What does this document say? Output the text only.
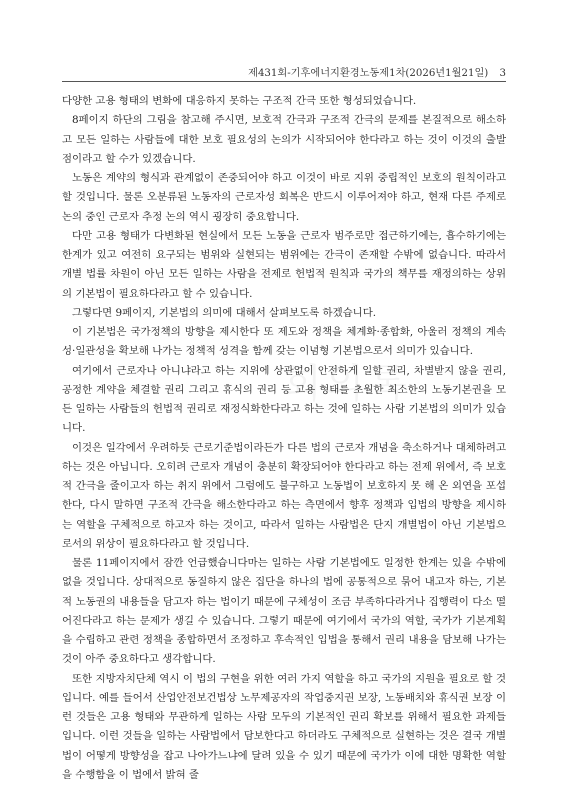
제431회-기후에너지환경노동제1차(2026년1월21일) 3

다양한 고용 형태의 변화에 대응하지 못하는 구조적 간극 또한 형성되었습니다.

8페이지 하단의 그림을 참고해 주시면, 보호적 간극과 구조적 간극의 문제를 본질적으로 해소하고 모든 일하는 사람들에 대한 보호 필요성의 논의가 시작되어야 한다라고 하는 것이 이것의 출발점이라고 할 수가 있겠습니다.

노동은 계약의 형식과 관계없이 존중되어야 하고 이것이 바로 지위 중립적인 보호의 원칙이라고 할 것입니다. 물론 오분류된 노동자의 근로자성 회복은 반드시 이루어져야 하고, 현재 다른 주제로 논의 중인 근로자 추정 논의 역시 굉장히 중요합니다.

다만 고용 형태가 다변화된 현실에서 모든 노동을 근로자 범주로만 접근하기에는, 흡수하기에는 한계가 있고 여전히 요구되는 범위와 실현되는 범위에는 간극이 존재할 수밖에 없습니다. 따라서 개별 법률 차원이 아닌 모든 일하는 사람을 전제로 헌법적 원칙과 국가의 책무를 재정의하는 상위의 기본법이 필요하다라고 할 수 있습니다.

그렇다면 9페이지, 기본법의 의미에 대해서 살펴보도록 하겠습니다.

이 기본법은 국가정책의 방향을 제시한다 또 제도와 정책을 체계화·종합화, 아울러 정책의 계속성·일관성을 확보해 나가는 정책적 성격을 함께 갖는 이념형 기본법으로서 의미가 있습니다.

여기에서 근로자나 아니냐라고 하는 지위에 상관없이 안전하게 일할 권리, 차별받지 않을 권리, 공정한 계약을 체결할 권리 그리고 휴식의 권리 등 고용 형태를 초월한 최소한의 노동기본권을 모든 일하는 사람들의 헌법적 권리로 재정식화한다라고 하는 것에 일하는 사람 기본법의 의미가 있습니다.

이것은 일각에서 우려하듯 근로기준법이라든가 다른 법의 근로자 개념을 축소하거나 대체하려고 하는 것은 아닙니다. 오히려 근로자 개념이 충분히 확장되어야 한다라고 하는 전제 위에서, 즉 보호적 간극을 줄이고자 하는 취지 위에서 그럼에도 불구하고 노동법이 보호하지 못 해 온 외연을 포섭한다, 다시 말하면 구조적 간극을 해소한다라고 하는 측면에서 향후 정책과 입법의 방향을 제시하는 역할을 구체적으로 하고자 하는 것이고, 따라서 일하는 사람법은 단지 개별법이 아닌 기본법으로서의 위상이 필요하다라고 할 것입니다.

물론 11페이지에서 잠깐 언급했습니다마는 일하는 사람 기본법에도 일정한 한계는 있을 수밖에 없을 것입니다. 상대적으로 동질하지 않은 집단을 하나의 법에 공통적으로 묶어 내고자 하는, 기본적 노동권의 내용들을 담고자 하는 법이기 때문에 구체성이 조금 부족하다라거나 집행력이 다소 떨어진다라고 하는 문제가 생길 수 있습니다. 그렇기 때문에 여기에서 국가의 역할, 국가가 기본계획을 수립하고 관련 정책을 종합하면서 조정하고 후속적인 입법을 통해서 권리 내용을 담보해 나가는 것이 아주 중요하다고 생각합니다.

또한 지방자치단체 역시 이 법의 구현을 위한 여러 가지 역할을 하고 국가의 지원을 필요로 할 것입니다. 예를 들어서 산업안전보건법상 노무제공자의 작업중지권 보장, 노동배치와 휴식권 보장 이런 것들은 고용 형태와 무관하게 일하는 사람 모두의 기본적인 권리 확보를 위해서 필요한 과제들입니다. 이런 것들을 일하는 사람법에서 담보한다고 하더라도 구체적으로 실현하는 것은 결국 개별법이 어떻게 방향성을 잡고 나아가느냐에 달려 있을 수 있기 때문에 국가가 이에 대한 명확한 역할을 수행함을 이 법에서 밝혀 줄
